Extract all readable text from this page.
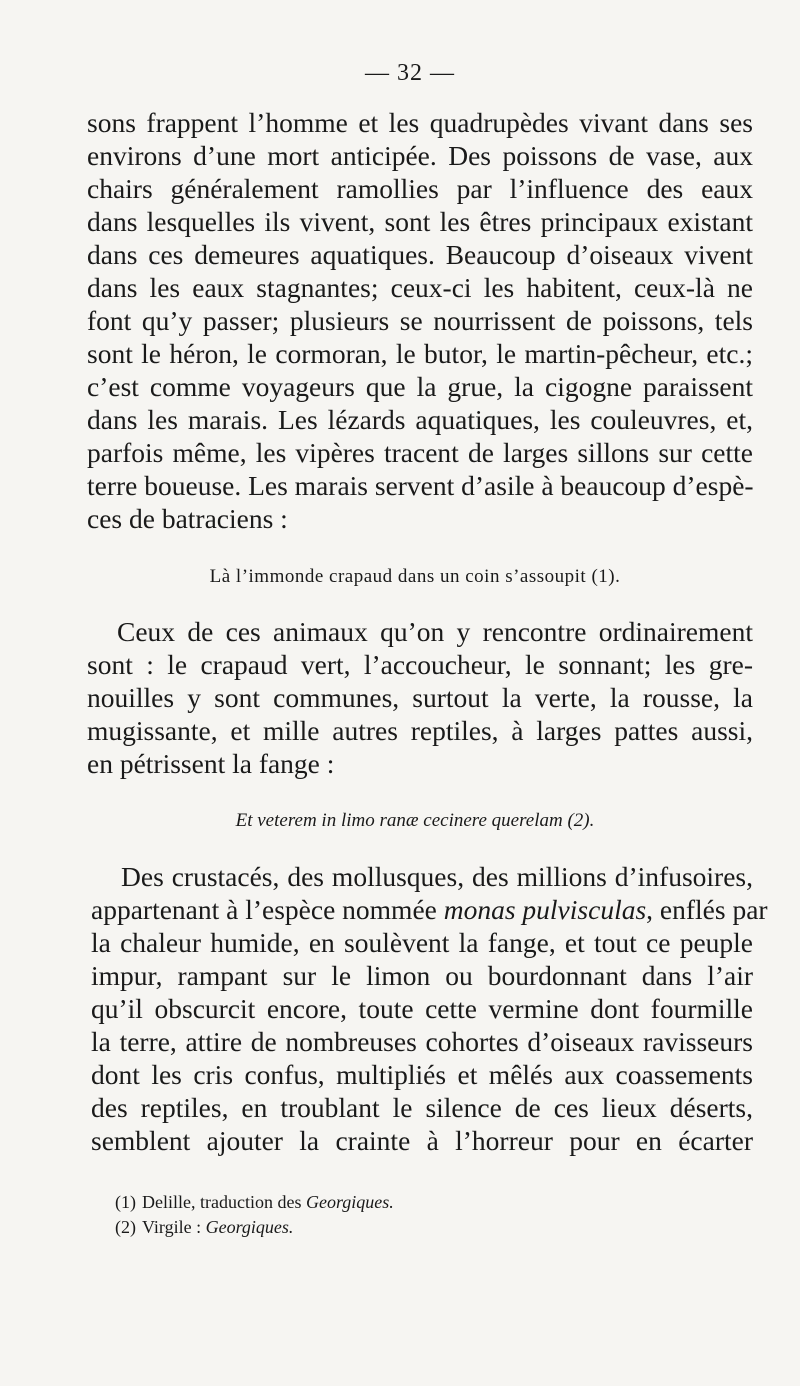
— 32 —
sons frappent l’homme et les quadrupèdes vivant dans ses
environs d’une mort anticipée. Des poissons de vase, aux
chairs généralement ramollies par l’influence des eaux
dans lesquelles ils vivent, sont les êtres principaux existant
dans ces demeures aquatiques. Beaucoup d’oiseaux vivent
dans les eaux stagnantes; ceux-ci les habitent, ceux-là ne
font qu’y passer; plusieurs se nourrissent de poissons, tels
sont le héron, le cormoran, le butor, le martin-pêcheur, etc.;
c’est comme voyageurs que la grue, la cigogne paraissent
dans les marais. Les lézards aquatiques, les couleuvres, et,
parfois même, les vipères tracent de larges sillons sur cette
terre boueuse. Les marais servent d’asile à beaucoup d’espè-
ces de batraciens :
Là l’immonde crapaud dans un coin s’assoupit (1).
Ceux de ces animaux qu’on y rencontre ordinairement
sont : le crapaud vert, l’accoucheur, le sonnant; les gre-
nouilles y sont communes, surtout la verte, la rousse, la
mugissante, et mille autres reptiles, à larges pattes aussi,
en pétrissent la fange :
Et veterem in limo ranæ cecinere querelam (2).
Des crustacés, des mollusques, des millions d’infusoires,
appartenant à l’espèce nommée monas pulvisculas, enflés par
la chaleur humide, en soulèvent la fange, et tout ce peuple
impur, rampant sur le limon ou bourdonnant dans l’air
qu’il obscurcit encore, toute cette vermine dont fourmille
la terre, attire de nombreuses cohortes d’oiseaux ravisseurs
dont les cris confus, multipliés et mêlés aux coassements
des reptiles, en troublant le silence de ces lieux déserts,
semblent ajouter la crainte à l’horreur pour en écarter
(1) Delille, traduction des Georgiques.
(2) Virgile : Georgiques.
